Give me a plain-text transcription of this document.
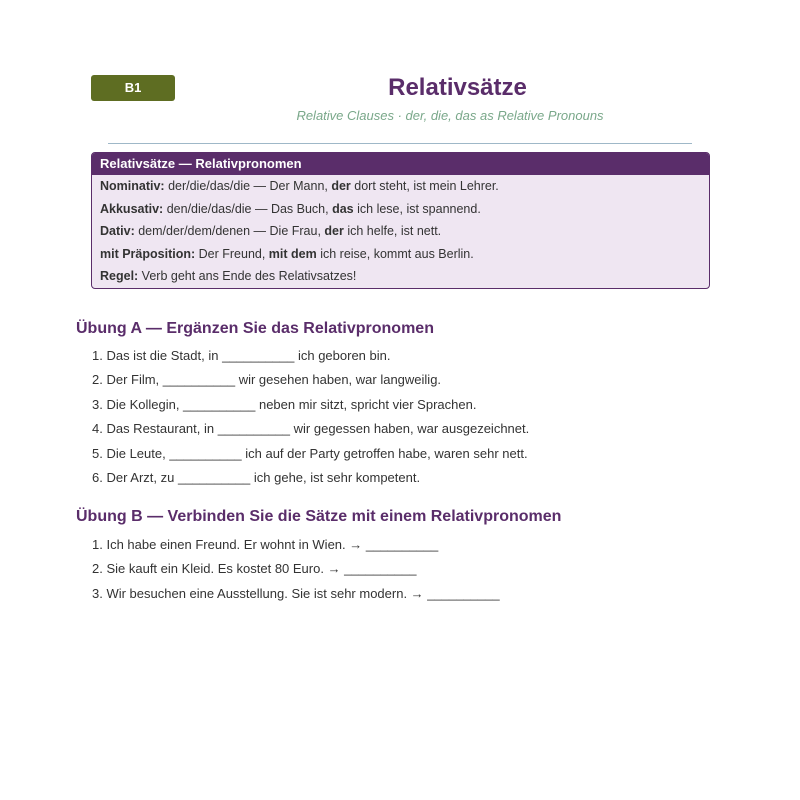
B1	Relativsätze
Relative Clauses · der, die, das as Relative Pronouns
Relativsätze — Relativpronomen
Nominativ: der/die/das/die — Der Mann, der dort steht, ist mein Lehrer.
Akkusativ: den/die/das/die — Das Buch, das ich lese, ist spannend.
Dativ: dem/der/dem/denen — Die Frau, der ich helfe, ist nett.
mit Präposition: Der Freund, mit dem ich reise, kommt aus Berlin.
Regel: Verb geht ans Ende des Relativsatzes!
Übung A — Ergänzen Sie das Relativpronomen
1. Das ist die Stadt, in __________ ich geboren bin.
2. Der Film, __________ wir gesehen haben, war langweilig.
3. Die Kollegin, __________ neben mir sitzt, spricht vier Sprachen.
4. Das Restaurant, in __________ wir gegessen haben, war ausgezeichnet.
5. Die Leute, __________ ich auf der Party getroffen habe, waren sehr nett.
6. Der Arzt, zu __________ ich gehe, ist sehr kompetent.
Übung B — Verbinden Sie die Sätze mit einem Relativpronomen
1. Ich habe einen Freund. Er wohnt in Wien. → __________
2. Sie kauft ein Kleid. Es kostet 80 Euro. → __________
3. Wir besuchen eine Ausstellung. Sie ist sehr modern. → __________
